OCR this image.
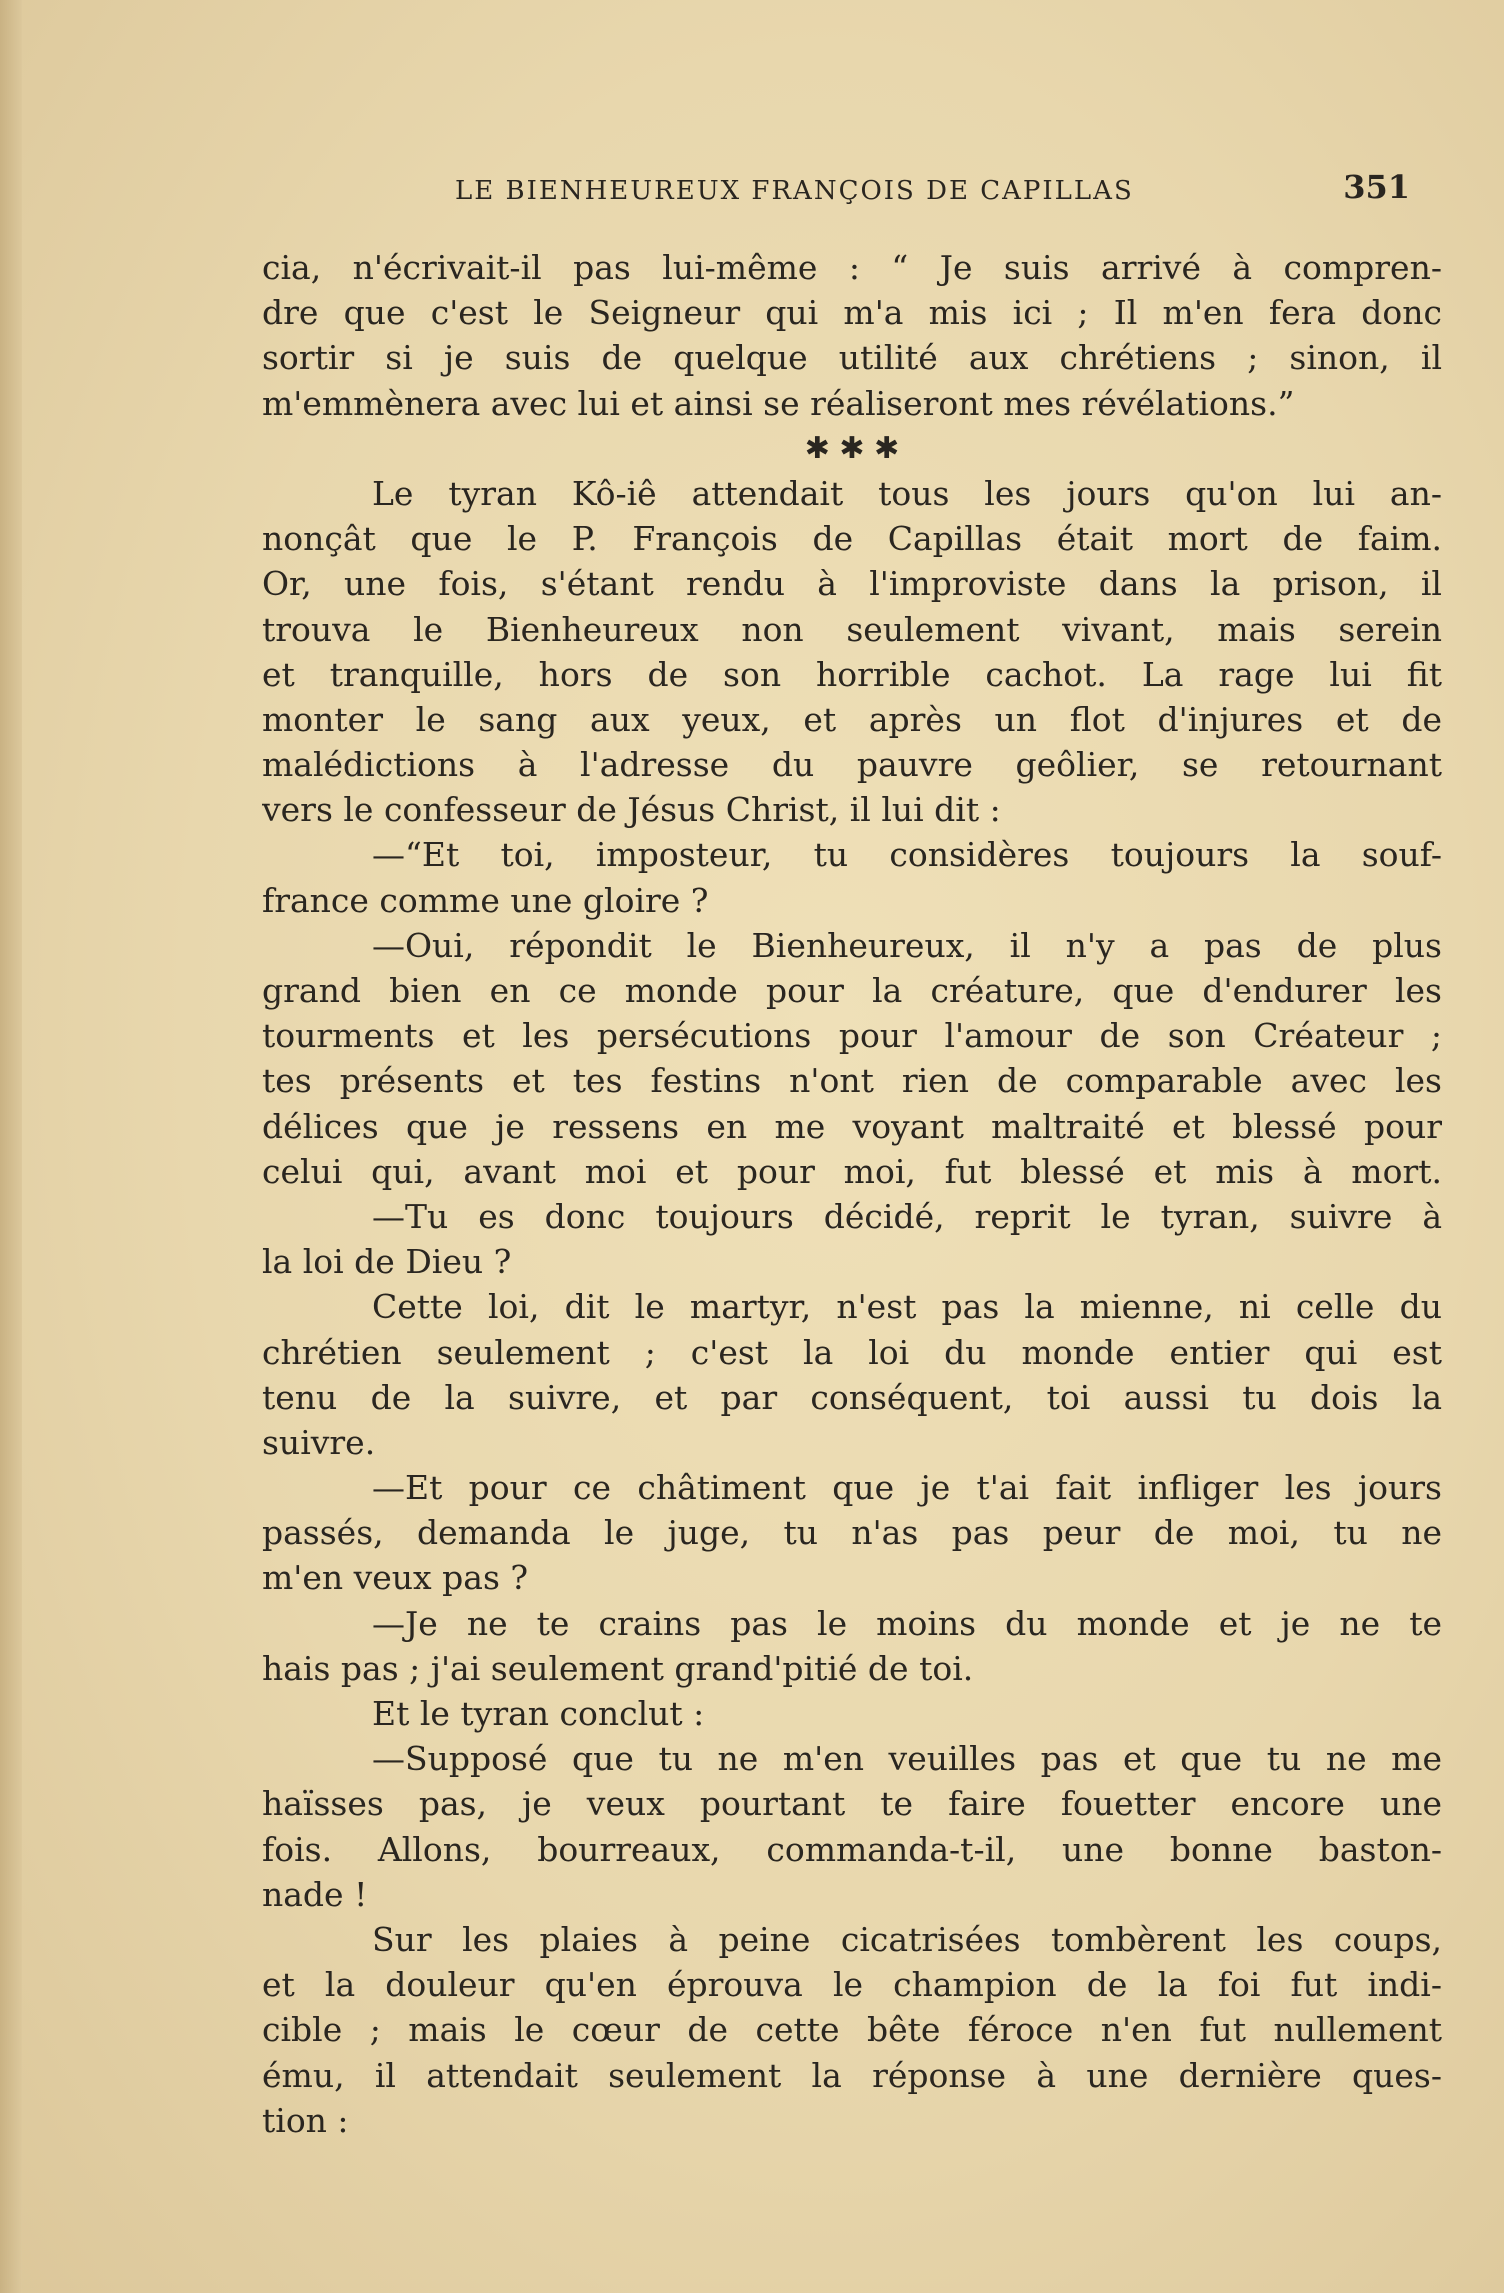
LE BIENHEUREUX FRANÇOIS DE CAPILLAS	351
cia, n'écrivait-il pas lui-même : “ Je suis arrivé à compren-
dre que c'est le Seigneur qui m'a mis ici ; Il m'en fera donc
sortir si je suis de quelque utilité aux chrétiens ; sinon, il
m'emmènera avec lui et ainsi se réaliseront mes révélations.”
✱ ✱ ✱
Le tyran Kô-iê attendait tous les jours qu'on lui an-
nonçât que le P. François de Capillas était mort de faim.
Or, une fois, s'étant rendu à l'improviste dans la prison, il
trouva le Bienheureux non seulement vivant, mais serein
et tranquille, hors de son horrible cachot. La rage lui fit
monter le sang aux yeux, et après un flot d'injures et de
malédictions à l'adresse du pauvre geôlier, se retournant
vers le confesseur de Jésus Christ, il lui dit :
—“Et toi, imposteur, tu considères toujours la souf-
france comme une gloire ?
—Oui, répondit le Bienheureux, il n'y a pas de plus
grand bien en ce monde pour la créature, que d'endurer les
tourments et les persécutions pour l'amour de son Créateur ;
tes présents et tes festins n'ont rien de comparable avec les
délices que je ressens en me voyant maltraité et blessé pour
celui qui, avant moi et pour moi, fut blessé et mis à mort.
—Tu es donc toujours décidé, reprit le tyran, suivre à
la loi de Dieu ?
Cette loi, dit le martyr, n'est pas la mienne, ni celle du
chrétien seulement ; c'est la loi du monde entier qui est
tenu de la suivre, et par conséquent, toi aussi tu dois la
suivre.
—Et pour ce châtiment que je t'ai fait infliger les jours
passés, demanda le juge, tu n'as pas peur de moi, tu ne
m'en veux pas ?
—Je ne te crains pas le moins du monde et je ne te
hais pas ; j'ai seulement grand'pitié de toi.
Et le tyran conclut :
—Supposé que tu ne m'en veuilles pas et que tu ne me
haïsses pas, je veux pourtant te faire fouetter encore une
fois. Allons, bourreaux, commanda-t-il, une bonne baston-
nade !
Sur les plaies à peine cicatrisées tombèrent les coups,
et la douleur qu'en éprouva le champion de la foi fut indi-
cible ; mais le cœur de cette bête féroce n'en fut nullement
ému, il attendait seulement la réponse à une dernière ques-
tion :
